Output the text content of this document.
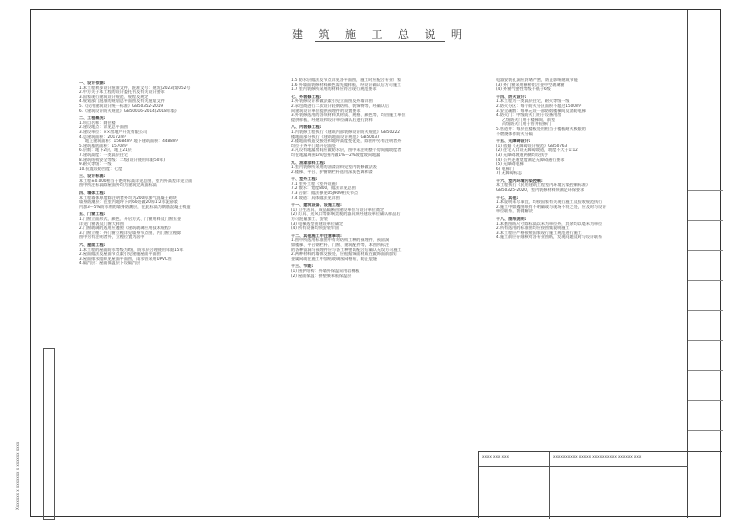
建 筑 施 工 总 说 明
一、设计依据:
1.本工程初步设计批准文件，批准文号：建发[2023]第052号
2.甲方关于本工程的设计委托书及有关设计要求
3.国家现行建筑设计规范、规程及规定
4.规划部门批准的规划总平面图及有关批复文件
5.《民用建筑设计统一标准》GB50352-2019
6.《建筑设计防火规范》GB50016-2014(2018年版)
二、工程概况:
1.项目名称：商住楼
2.建设地点：详见总平面图
3.建设单位：××房地产开发有限公司
4.总建筑面积：20172m²
地上建筑面积：15684m² 地下建筑面积：4488m²
5.建筑基底面积：1570m²
6.层数：地下2层，地上21层
7.建筑高度：一类高层住宅
8.建筑结构安全等级：二级(设计使用年限50年)
9.耐火等级：一级
10.抗震设防烈度：七度
三、设计标高:
本工程±0.000相当于绝对标高详见总图，室内外高差详见立面
图中所注标高除屋面外均为建筑完成面标高
四、墙体工程:
本工程墙体厚度除注明者外均为200厚加气混凝土砌块
墙身防潮层：在室内地坪下约60处做20厚1:2水泥砂浆
内加3～5%防水剂的墙身防潮层，在此标高为钢筋混凝土构造
五、门窗工程:
1.门窗立面形式、颜色、开启方式、门窗用料及门窗五金
详见门窗表及门窗大样图
2.门窗玻璃的选用应遵照《建筑玻璃应用技术规程》
3.门窗立樘：外门窗立樘详见墙身节点图，内门窗立樘除
图中另有注明者外，立樘位置为居中
六、屋面工程:
1.本工程的屋面防水等级为Ⅰ级，防水层合理使用年限15年
2.屋面做法及屋面节点索引见建施屋面平面图
3.屋面排水组织见屋面平面图，雨水管采用UPVC管
4.隔汽层：屋面保温层下设隔汽层
1.5 防水层做法及节点详见各平面图，施工时应配合专业厂家
1.6 外墙面装修材料颜色需先做样板，经设计确认后方可施工
1.7 室内装修所采用的材料应符合现行规范要求
七、外装修工程:
1.外装修设计和做法索引见立面图及外墙详图
2.承包商进行二次设计轻钢结构、装饰物等，经确认后
向建筑设计单位提供预埋件的设置要求
3.外装修选用的各项材料其材质、规格、颜色等，均由施工单位
提供样板，经建设和设计单位确认后进行封样
八、内装修工程:
1.内装修工程执行《建筑内部装修设计防火规范》GB50222
楼地面部分执行《建筑地面设计规范》GB50037
2.楼地面构造交接处和地坪高度变化处，除图中另有注明者外
均位于齐平门扇开启面处
3.凡设有地漏房间应做防水层，图中未注明整个房间做坡度者
均在地漏周围1m范围内做1%～2%坡度坡向地漏
九、油漆涂料工程:
1.室内装修所采用的油漆涂料见室内装修做法表
2.楼梯、平台、护窗钢栏杆选用深灰色调和漆
十、室外工程:
7.1 室外工程（室外设施）
7.2 散水：宽度800，做法详见总图
7.3 台阶：做法参见05J909相关节点
7.4 坡道：具体做法见详图
十一、建筑设备、设施工程:
(1) 卫生洁具、成品隔断由建设单位与设计单位商定
(2) 灯具、送风口等影响美观的器具须经建设单位确认样品后
方可批量加工、安装
(3) 电梯选型由建设单位确定
(4) 所有设备均须安装牢固
十二、其他施工中注意事项:
1.图中所选用标准图中有对结构工种的预埋件、预留洞
如楼梯、平台钢栏杆、门窗、建筑配件等，本图所标注
的各种留洞与预埋件应与各工种密切配合后确认无误方可施工
2.两种材料的墙体交接处，应根据饰面材质在做饰面前加钉
金属网或在施工中加贴玻璃丝网格布，防止裂缝
十三、节能:
(1) 围护结构：外墙外保温采用岩棉板
(2) 屋面保温：挤塑聚苯板保温层
电器安装孔洞应封堵严密，防止影响建筑节能
(3) 外门窗采用断桥铝合金中空玻璃窗
(4) 外窗气密性等级不低于6级
十四、防火设计:
1.本工程为一类高层住宅，耐火等级一级
2.防火分区：每个防火分区面积不超过1500m²
3.安全疏散：每单元设一部防烟楼梯间及消防电梯
4.防火门：甲级防火门用于设备用房
乙级防火门用于楼梯间、前室
丙级防火门用于管井检修门
5.管道井：每层在楼板处用相当于楼板耐火极限的
不燃烧体作防火分隔
十五、无障碍设计:
(1) 依据《无障碍设计规范》GB50763
(2) 住宅入口设无障碍坡道，坡度不大于1:12
(3) 无障碍坡道两侧均设扶手
(4) 公共走道宽度满足无障碍通行要求
(5) 无障碍电梯
6) 电梯门
7) 无障碍标志
十六、室内环境污染控制:
本工程执行《民用建筑工程室内环境污染控制标准》
GB50325-2020，室内装修材料须满足环保要求
十七、其他:
1.本说明未尽事宜，均按国家有关现行施工及验收规范执行
2.施工中如遇图纸有不明确或与现场不符之处，应及时与设计
单位联系，协商解决
十八、图纸说明:
1.本套图纸尺寸除标高以米为单位外，其余均以毫米为单位
2.所有选用的标准图均应按图集说明施工
3.本工程应严格按照国家现行施工规范进行施工
4.施工前应仔细核对各专业图纸，发现问题及时与设计联系
XXXX XXX XXX	XXXXXXXXXX XXXXX XXXXXXXXXX XXXXXX XXX
Xxxxxxx x xxxxxxx x xxxxxx xxxx
